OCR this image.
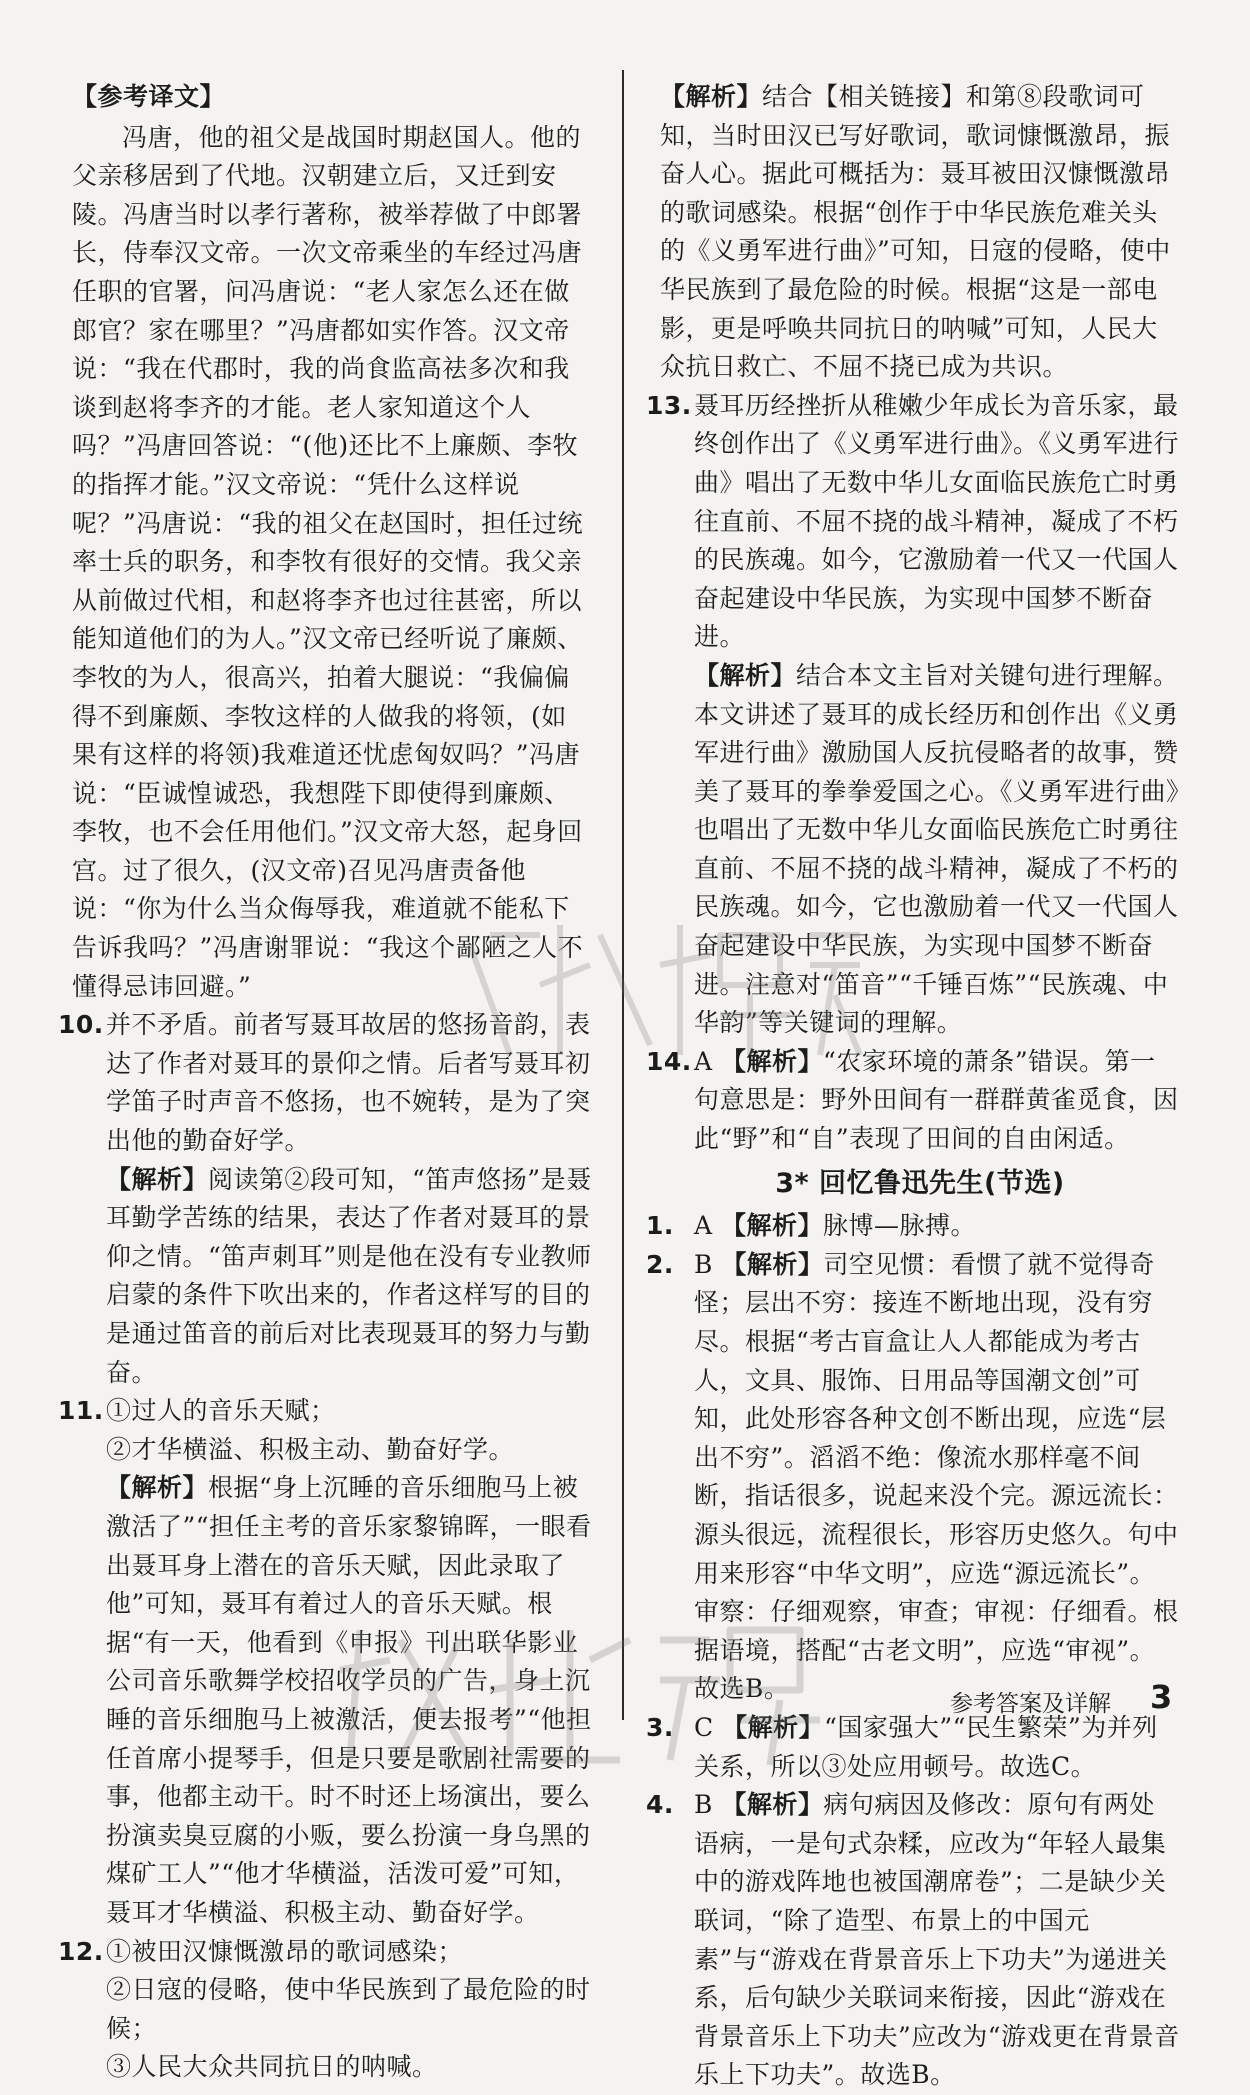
【参考译文】

冯唐，他的祖父是战国时期赵国人。他的父亲移居到了代地。汉朝建立后，又迁到安陵。冯唐当时以孝行著称，被举荐做了中郎署长，侍奉汉文帝。一次文帝乘坐的车经过冯唐任职的官署，问冯唐说：“老人家怎么还在做郎官？家在哪里？”冯唐都如实作答。汉文帝说：“我在代郡时，我的尚食监高祛多次和我谈到赵将李齐的才能。老人家知道这个人吗？”冯唐回答说：“(他)还比不上廉颇、李牧的指挥才能。”汉文帝说：“凭什么这样说呢？”冯唐说：“我的祖父在赵国时，担任过统率士兵的职务，和李牧有很好的交情。我父亲从前做过代相，和赵将李齐也过往甚密，所以能知道他们的为人。”汉文帝已经听说了廉颇、李牧的为人，很高兴，拍着大腿说：“我偏偏得不到廉颇、李牧这样的人做我的将领，(如果有这样的将领)我难道还忧虑匈奴吗？”冯唐说：“臣诚惶诚恐，我想陛下即使得到廉颇、李牧，也不会任用他们。”汉文帝大怒，起身回宫。过了很久，(汉文帝)召见冯唐责备他说：“你为什么当众侮辱我，难道就不能私下告诉我吗？”冯唐谢罪说：“我这个鄙陋之人不懂得忌讳回避。”

10. 并不矛盾。前者写聂耳故居的悠扬音韵，表达了作者对聂耳的景仰之情。后者写聂耳初学笛子时声音不悠扬，也不婉转，是为了突出他的勤奋好学。

【解析】阅读第②段可知，“笛声悠扬”是聂耳勤学苦练的结果，表达了作者对聂耳的景仰之情。“笛声刺耳”则是他在没有专业教师启蒙的条件下吹出来的，作者这样写的目的是通过笛音的前后对比表现聂耳的努力与勤奋。

11. ①过人的音乐天赋；

②才华横溢、积极主动、勤奋好学。

【解析】根据“身上沉睡的音乐细胞马上被激活了”“担任主考的音乐家黎锦晖，一眼看出聂耳身上潜在的音乐天赋，因此录取了他”可知，聂耳有着过人的音乐天赋。根据“有一天，他看到《申报》刊出联华影业公司音乐歌舞学校招收学员的广告，身上沉睡的音乐细胞马上被激活，便去报考”“他担任首席小提琴手，但是只要是歌剧社需要的事，他都主动干。时不时还上场演出，要么扮演卖臭豆腐的小贩，要么扮演一身乌黑的煤矿工人”“他才华横溢，活泼可爱”可知，聂耳才华横溢、积极主动、勤奋好学。

12. ①被田汉慷慨激昂的歌词感染；

②日寇的侵略，使中华民族到了最危险的时候；

③人民大众共同抗日的呐喊。

【解析】结合【相关链接】和第⑧段歌词可知，当时田汉已写好歌词，歌词慷慨激昂，振奋人心。据此可概括为：聂耳被田汉慷慨激昂的歌词感染。根据“创作于中华民族危难关头的《义勇军进行曲》”可知，日寇的侵略，使中华民族到了最危险的时候。根据“这是一部电影，更是呼唤共同抗日的呐喊”可知，人民大众抗日救亡、不屈不挠已成为共识。

13. 聂耳历经挫折从稚嫩少年成长为音乐家，最终创作出了《义勇军进行曲》。《义勇军进行曲》唱出了无数中华儿女面临民族危亡时勇往直前、不屈不挠的战斗精神，凝成了不朽的民族魂。如今，它激励着一代又一代国人奋起建设中华民族，为实现中国梦不断奋进。

【解析】结合本文主旨对关键句进行理解。本文讲述了聂耳的成长经历和创作出《义勇军进行曲》激励国人反抗侵略者的故事，赞美了聂耳的拳拳爱国之心。《义勇军进行曲》也唱出了无数中华儿女面临民族危亡时勇往直前、不屈不挠的战斗精神，凝成了不朽的民族魂。如今，它也激励着一代又一代国人奋起建设中华民族，为实现中国梦不断奋进。注意对“笛音”“千锤百炼”“民族魂、中华韵”等关键词的理解。

14. A 【解析】“农家环境的萧条”错误。第一句意思是：野外田间有一群群黄雀觅食，因此“野”和“自”表现了田间的自由闲适。

3* 回忆鲁迅先生(节选)

1. A 【解析】脉博—脉搏。

2. B 【解析】司空见惯：看惯了就不觉得奇怪；层出不穷：接连不断地出现，没有穷尽。根据“考古盲盒让人人都能成为考古人，文具、服饰、日用品等国潮文创”可知，此处形容各种文创不断出现，应选“层出不穷”。滔滔不绝：像流水那样毫不间断，指话很多，说起来没个完。源远流长：源头很远，流程很长，形容历史悠久。句中用来形容“中华文明”，应选“源远流长”。审察：仔细观察，审查；审视：仔细看。根据语境，搭配“古老文明”，应选“审视”。故选B。

3. C 【解析】“国家强大”“民生繁荣”为并列关系，所以③处应用顿号。故选C。

4. B 【解析】病句病因及修改：原句有两处语病，一是句式杂糅，应改为“年轻人最集中的游戏阵地也被国潮席卷”；二是缺少关联词，“除了造型、布景上的中国元素”与“游戏在背景音乐上下功夫”为递进关系，后句缺少关联词来衔接，因此“游戏在背景音乐上下功夫”应改为“游戏更在背景音乐上下功夫”。故选B。

参考答案及详解 3
